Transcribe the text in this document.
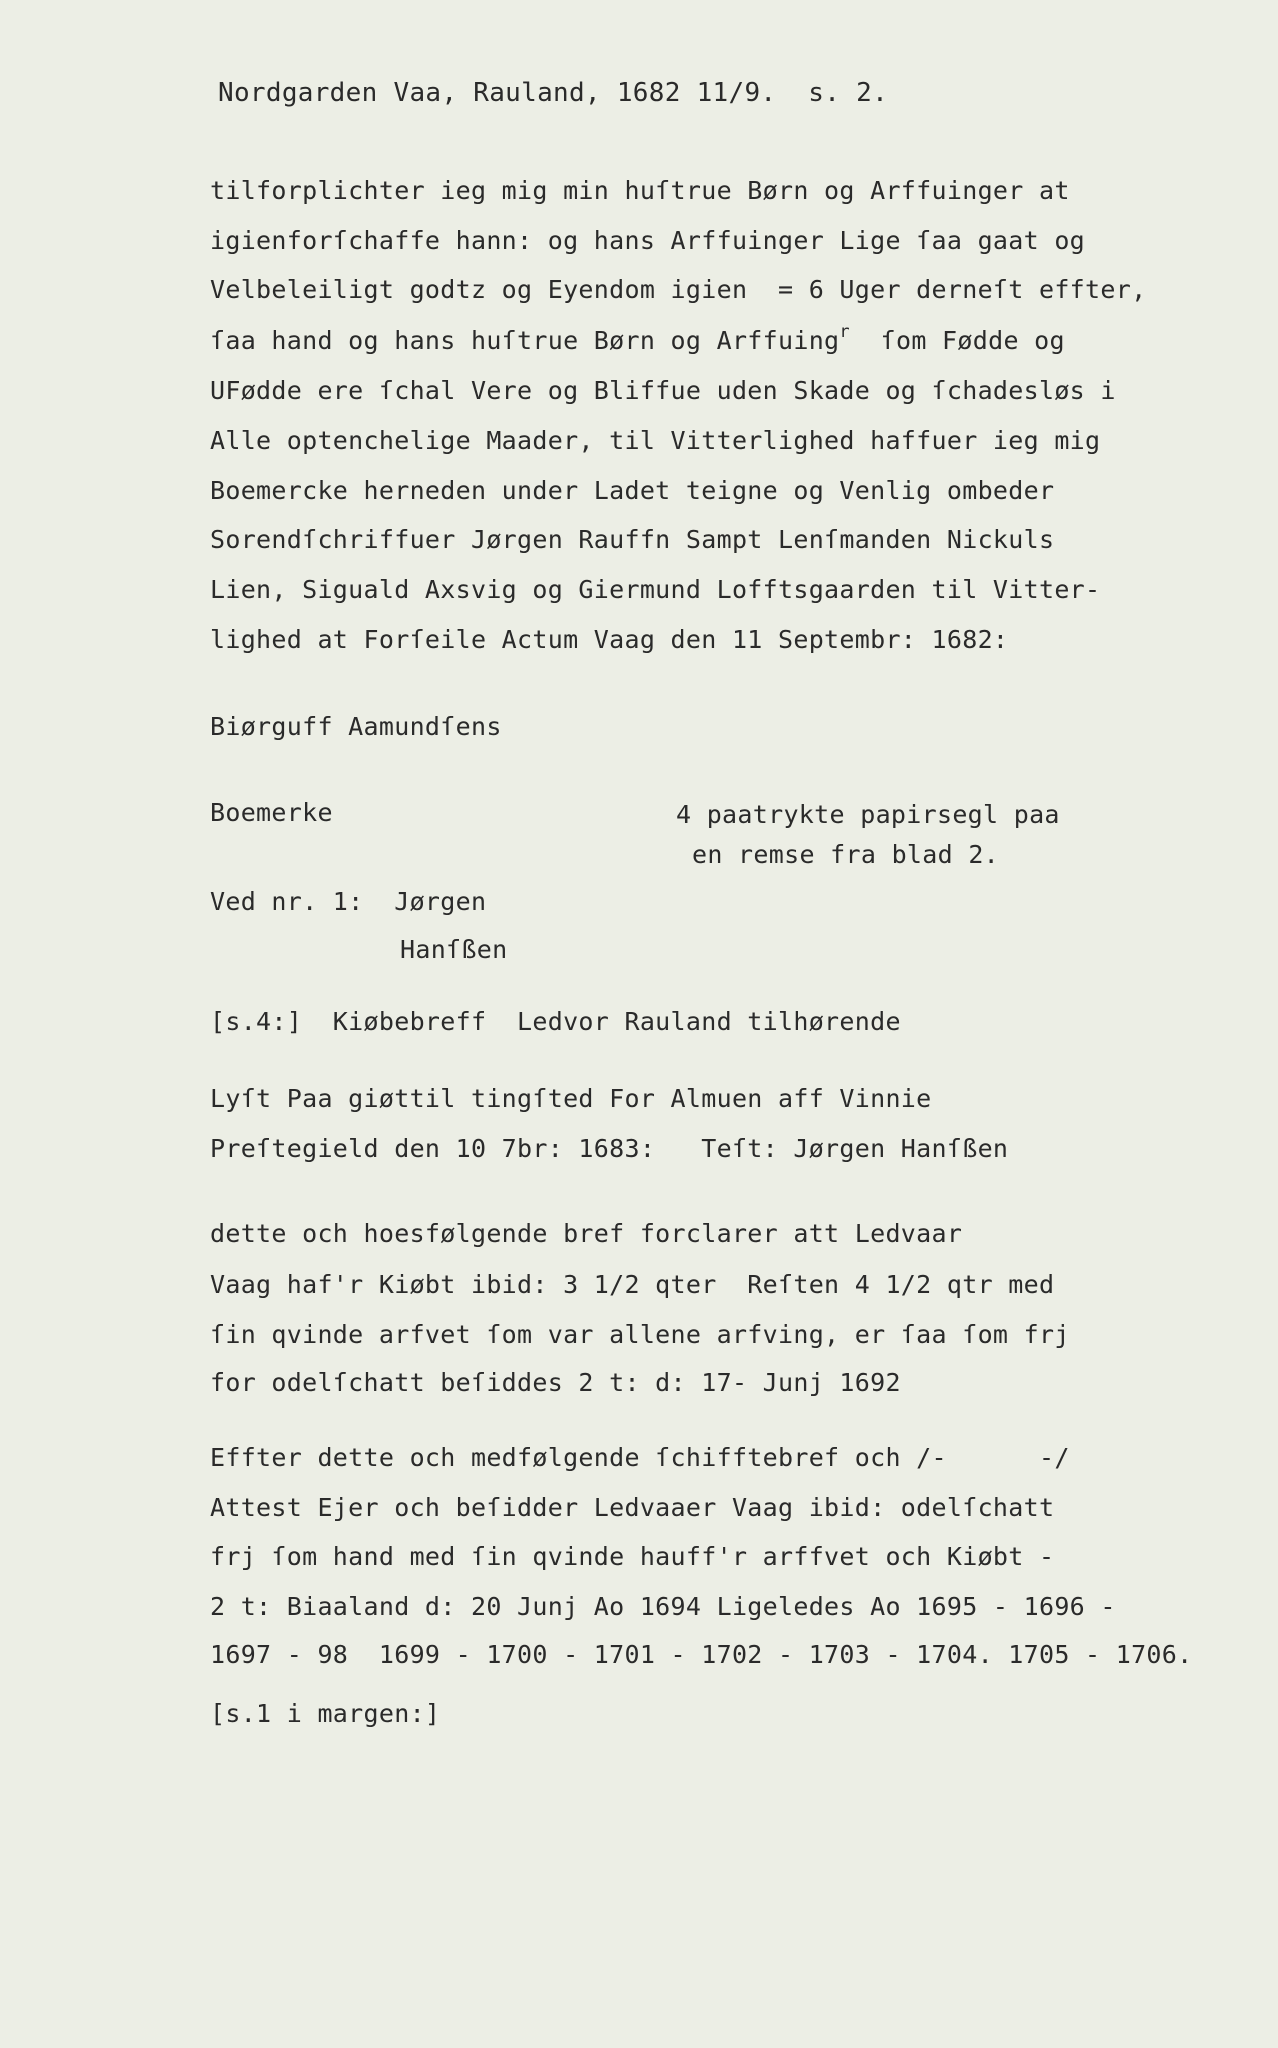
Nordgarden Vaa, Rauland, 1682 11/9.  s. 2.
tilforplichter ieg mig min huſtrue Børn og Arffuinger at
igienforſchaffe hann: og hans Arffuinger Lige ſaa gaat og
Velbeleiligt godtz og Eyendom igien  = 6 Uger derneſt effter,
ſaa hand og hans huſtrue Børn og Arffuing$^r$  ſom Fødde og
UFødde ere ſchal Vere og Bliffue uden Skade og ſchadesløs i
Alle optenchelige Maader, til Vitterlighed haffuer ieg mig
Boemercke herneden under Ladet teigne og Venlig ombeder
Sorendſchriffuer Jørgen Rauffn Sampt Lenſmanden Nickuls
Lien, Siguald Axsvig og Giermund Lofftsgaarden til Vitter-
lighed at Forſeile Actum Vaag den 11 Septembr: 1682:
Biørguff Aamundſens
Boemerke	4 paatrykte papirsegl paa
en remse fra blad 2.
Ved nr. 1:  Jørgen
Hanſßen
[s.4:]  Kiøbebreff  Ledvor Rauland tilhørende
Lyſt Paa giøttil tingſted For Almuen aff Vinnie
Preſtegield den 10 7br: 1683:   Teſt: Jørgen Hanſßen
dette och hoesfølgende bref forclarer att Ledvaar
Vaag haf'r Kiøbt ibid: 3 1/2 qter  Reſten 4 1/2 qtr med
ſin qvinde arfvet ſom var allene arfving, er ſaa ſom frj
for odelſchatt beſiddes 2 t: d: 17- Junj 1692
Effter dette och medfølgende ſchifftebref och /-      -/
Attest Ejer och beſidder Ledvaaer Vaag ibid: odelſchatt
frj ſom hand med ſin qvinde hauff'r arffvet och Kiøbt -
2 t: Biaaland d: 20 Junj Ao 1694 Ligeledes Ao 1695 - 1696 -
1697 - 98  1699 - 1700 - 1701 - 1702 - 1703 - 1704. 1705 - 1706.
[s.1 i margen:]
